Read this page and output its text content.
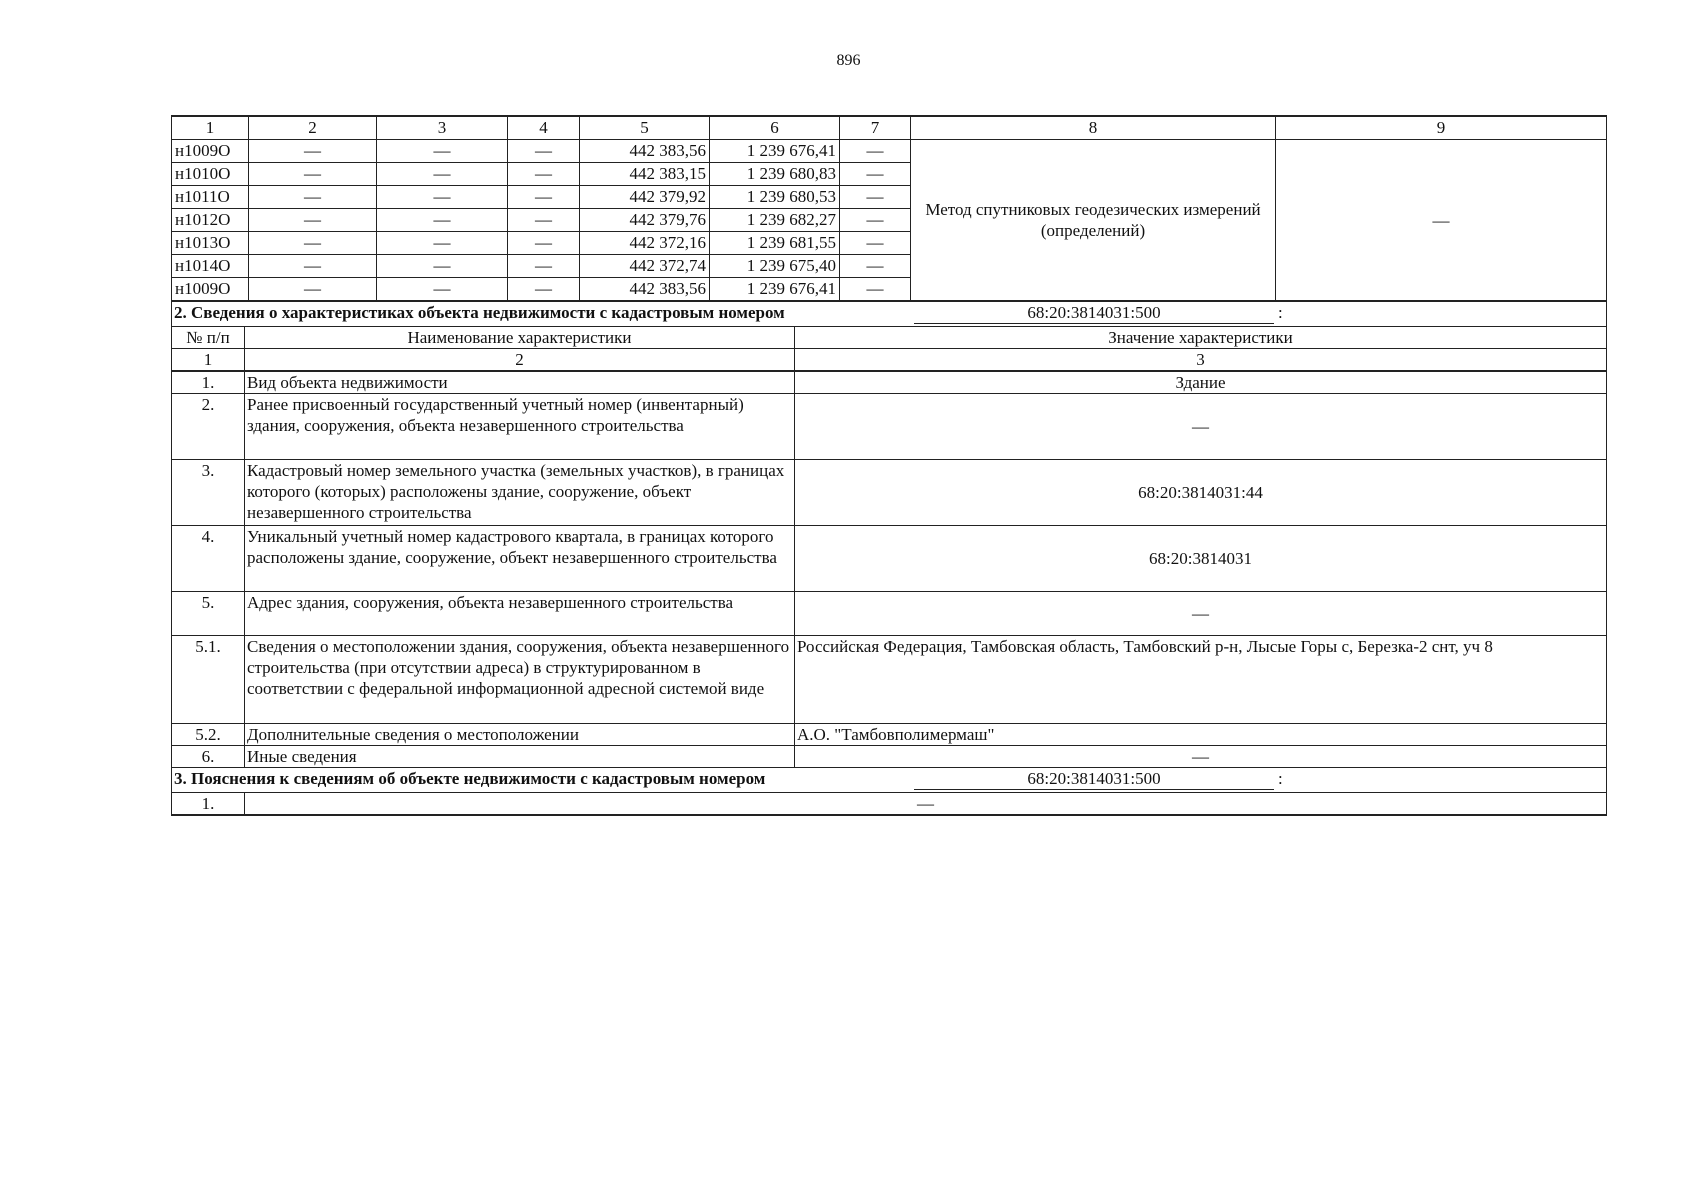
896
1	2	3	4	5	6	7	8	9
н1009О	—	—	—	442 383,56	1 239 676,41	—	Метод спутниковых геодезических измерений (определений)	—
н1010О	—	—	—	442 383,15	1 239 680,83	—		
н1011О	—	—	—	442 379,92	1 239 680,53	—		
н1012О	—	—	—	442 379,76	1 239 682,27	—		
н1013О	—	—	—	442 372,16	1 239 681,55	—		
н1014О	—	—	—	442 372,74	1 239 675,40	—		
н1009О	—	—	—	442 383,56	1 239 676,41	—		
2. Сведения о характеристиках объекта недвижимости с кадастровым номером 68:20:3814031:500 :		
№ п/п	Наименование характеристики	Значение характеристики
1	2	3
1.	Вид объекта недвижимости	Здание
2.	Ранее присвоенный государственный учетный номер (инвентарный) здания, сооружения, объекта незавершенного строительства	—
3.	Кадастровый номер земельного участка (земельных участков), в границах которого (которых) расположены здание, сооружение, объект незавершенного строительства	68:20:3814031:44
4.	Уникальный учетный номер кадастрового квартала, в границах которого расположены здание, сооружение, объект незавершенного строительства	68:20:3814031
5.	Адрес здания, сооружения, объекта незавершенного строительства	—
5.1.	Сведения о местоположении здания, сооружения, объекта незавершенного строительства (при отсутствии адреса) в структурированном в соответствии с федеральной информационной адресной системой виде	Российская Федерация, Тамбовская область, Тамбовский р-н, Лысые Горы с, Березка-2 снт, уч 8
5.2.	Дополнительные сведения о местоположении	А.О. "Тамбовполимермаш"
6.	Иные сведения	—
3. Пояснения к сведениям об объекте недвижимости с кадастровым номером 68:20:3814031:500 :		
1.	—	
